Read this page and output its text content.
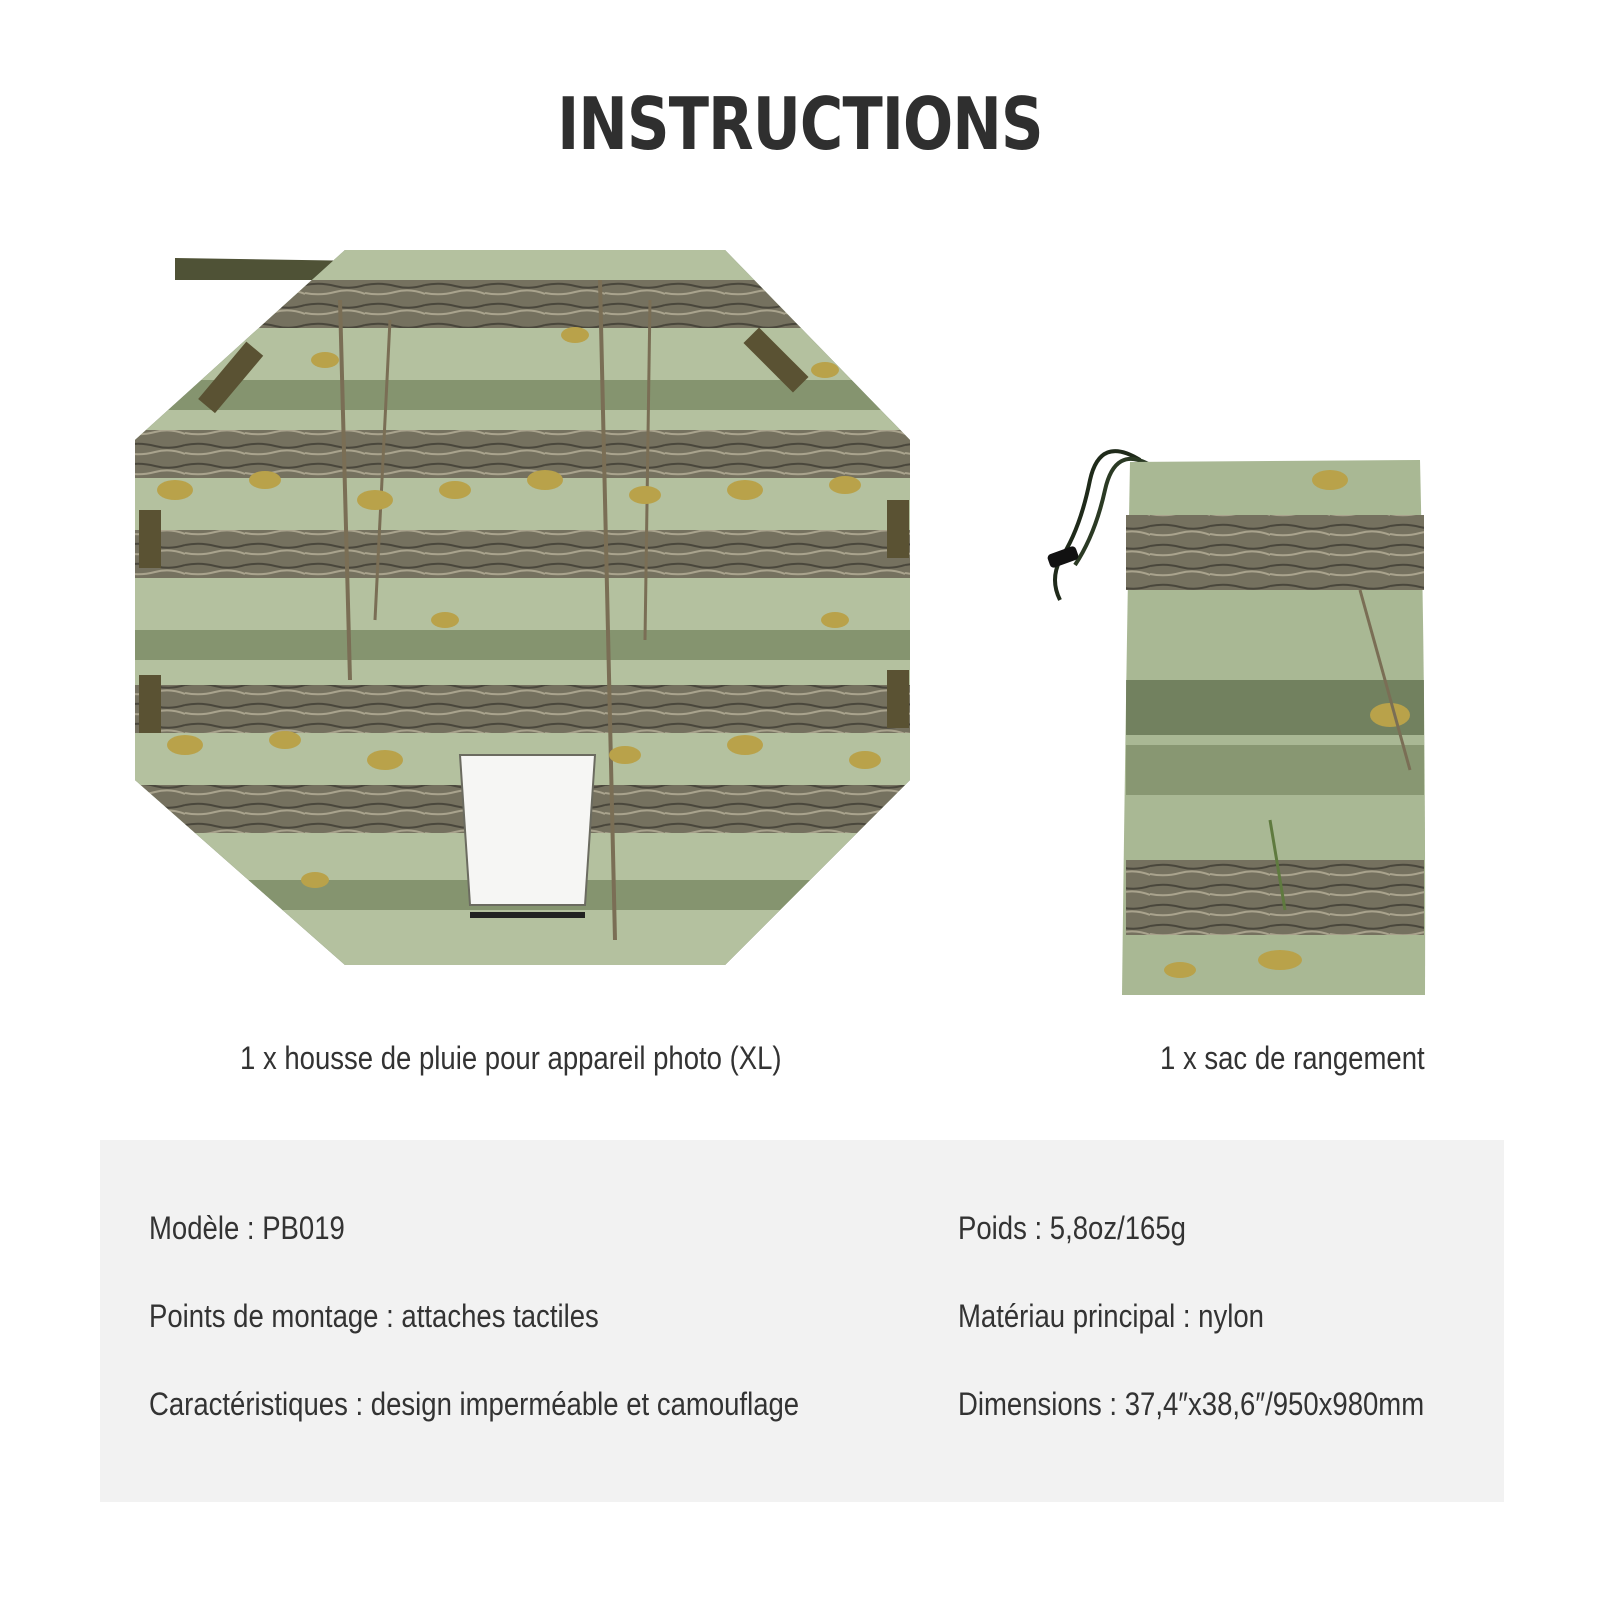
INSTRUCTIONS
1 x housse de pluie pour appareil photo (XL)	1 x sac de rangement
Modèle : PB019
Points de montage : attaches tactiles
Caractéristiques : design imperméable et camouflage
Poids : 5,8oz/165g
Matériau principal : nylon
Dimensions : 37,4″x38,6″/950x980mm
